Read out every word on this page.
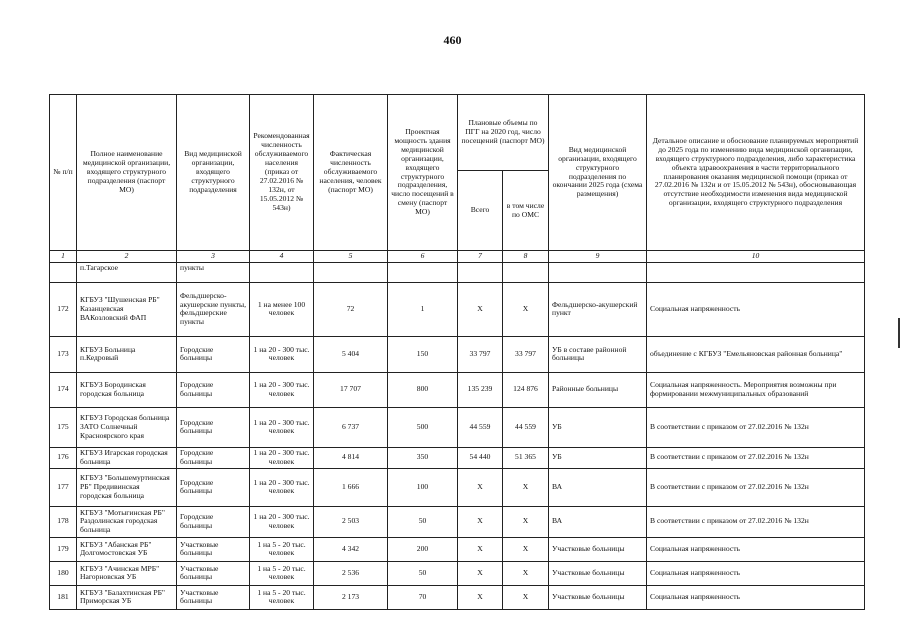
460
№ п/п	Полное наименование медицинской организации, входящего структурного подразделения (паспорт МО)	Вид медицинской организации, входящего структурного подразделения	Рекомендованная численность обслуживаемого населения (приказ от 27.02.2016 № 132н, от 15.05.2012 № 543н)	Фактическая численность обслуживаемого населения, человек (паспорт МО)	Проектная мощность здания медицинской организации, входящего структурного подразделения, число посещений в смену (паспорт МО)	Плановые объемы по ПГГ на 2020 год, число посещений (паспорт МО)		Вид медицинской организации, входящего структурного подразделения по окончании 2025 года (схема размещения)	Детальное описание и обоснование планируемых мероприятий до 2025 года по изменению вида медицинской организации, входящего структурного подразделения, либо характеристика объекта здравоохранения в части территориального планирования оказания медицинской помощи (приказ от 27.02.2016 № 132н и от 15.05.2012 № 543н), обосновывающая отсутствие необходимости изменения вида медицинской организации, входящего структурного подразделения
						Всего	в том числе по ОМС		
1	2	3	4	5	6	7	8	9	10
	п.Тагарское	пункты							
172	КГБУЗ "Шушенская РБ" Казанцевская ВАКозловский ФАП	Фельдшерско-акушерские пункты, фельдшерские пункты	1 на менее 100 человек	72	1	X	X	Фельдшерско-акушерский пункт	Социальная напряженность
173	КГБУЗ Больница п.Кедровый	Городские больницы	1 на 20 - 300 тыс. человек	5 404	150	33 797	33 797	УБ в составе районной больницы	объединение с КГБУЗ "Емельяновская районная больница"
174	КГБУЗ Бородинская городская больница	Городские больницы	1 на 20 - 300 тыс. человек	17 707	800	135 239	124 876	Районные больницы	Социальная напряженность. Мероприятия возможны при формировании межмуниципальных образований
175	КГБУЗ Городская больница ЗАТО Солнечный Красноярского края	Городские больницы	1 на 20 - 300 тыс. человек	6 737	500	44 559	44 559	УБ	В соответствии с приказом от 27.02.2016 № 132н
176	КГБУЗ Игарская городская больница	Городские больницы	1 на 20 - 300 тыс. человек	4 814	350	54 440	51 365	УБ	В соответствии с приказом от 27.02.2016 № 132н
177	КГБУЗ "Большемуртинская РБ" Предивинская городская больница	Городские больницы	1 на 20 - 300 тыс. человек	1 666	100	X	X	ВА	В соответствии с приказом от 27.02.2016 № 132н
178	КГБУЗ "Мотыгинская РБ" Раздолинская городская больница	Городские больницы	1 на 20 - 300 тыс. человек	2 503	50	X	X	ВА	В соответствии с приказом от 27.02.2016 № 132н
179	КГБУЗ "Абанская РБ" Долгомостовская УБ	Участковые больницы	1 на 5 - 20 тыс. человек	4 342	200	X	X	Участковые больницы	Социальная напряженность
180	КГБУЗ "Ачинская МРБ" Нагорновская УБ	Участковые больницы	1 на 5 - 20 тыс. человек	2 536	50	X	X	Участковые больницы	Социальная напряженность
181	КГБУЗ "Балахтинская РБ" Приморская УБ	Участковые больницы	1 на 5 - 20 тыс. человек	2 173	70	X	X	Участковые больницы	Социальная напряженность
